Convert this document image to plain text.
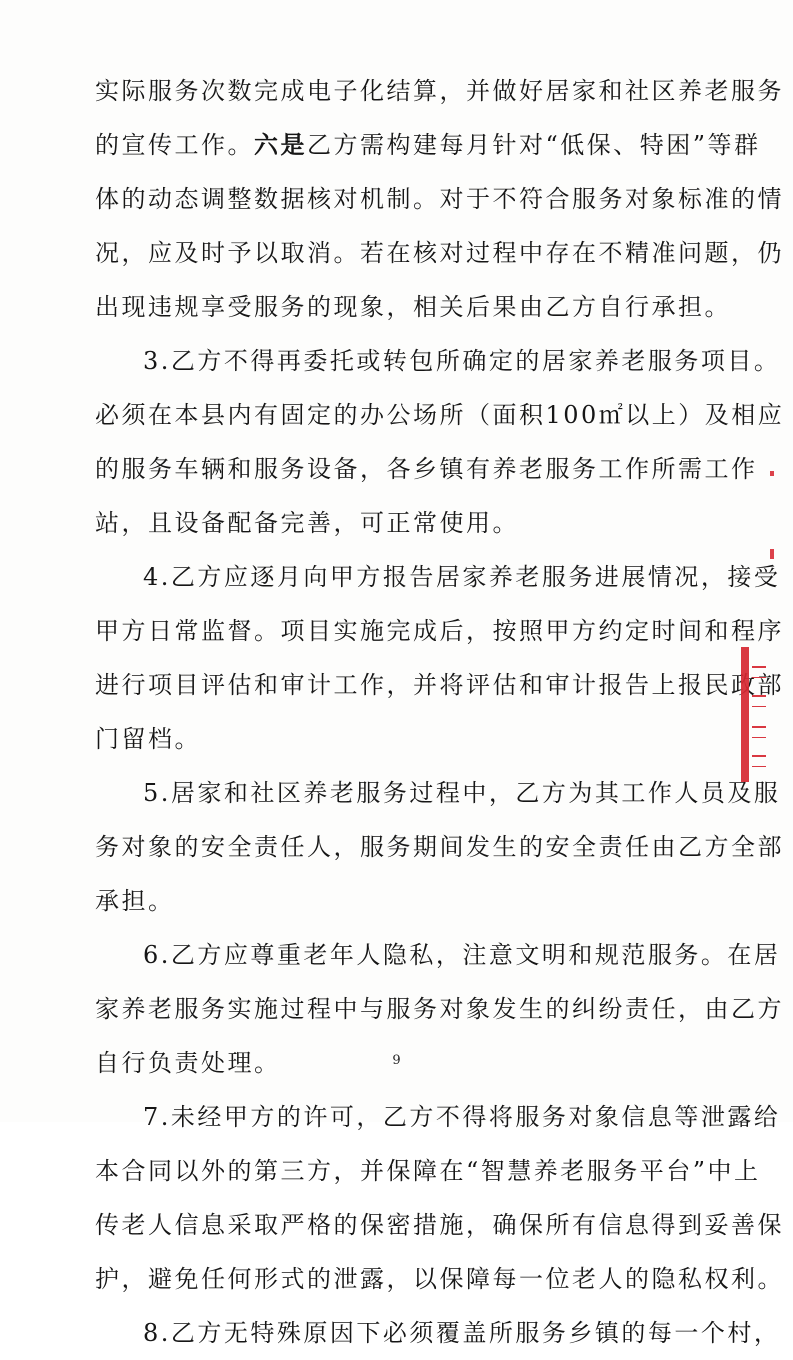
实际服务次数完成电子化结算，并做好居家和社区养老服务
的宣传工作。六是乙方需构建每月针对“低保、特困”等群
体的动态调整数据核对机制。对于不符合服务对象标准的情
况，应及时予以取消。若在核对过程中存在不精准问题，仍
出现违规享受服务的现象，相关后果由乙方自行承担。
3.乙方不得再委托或转包所确定的居家养老服务项目。
必须在本县内有固定的办公场所（面积100㎡以上）及相应
的服务车辆和服务设备，各乡镇有养老服务工作所需工作
站，且设备配备完善，可正常使用。
4.乙方应逐月向甲方报告居家养老服务进展情况，接受
甲方日常监督。项目实施完成后，按照甲方约定时间和程序
进行项目评估和审计工作，并将评估和审计报告上报民政部
门留档。
5.居家和社区养老服务过程中，乙方为其工作人员及服
务对象的安全责任人，服务期间发生的安全责任由乙方全部
承担。
6.乙方应尊重老年人隐私，注意文明和规范服务。在居
家养老服务实施过程中与服务对象发生的纠纷责任，由乙方
自行负责处理。
7.未经甲方的许可，乙方不得将服务对象信息等泄露给
本合同以外的第三方，并保障在“智慧养老服务平台”中上
传老人信息采取严格的保密措施，确保所有信息得到妥善保
护，避免任何形式的泄露，以保障每一位老人的隐私权利。
8.乙方无特殊原因下必须覆盖所服务乡镇的每一个村，
9
